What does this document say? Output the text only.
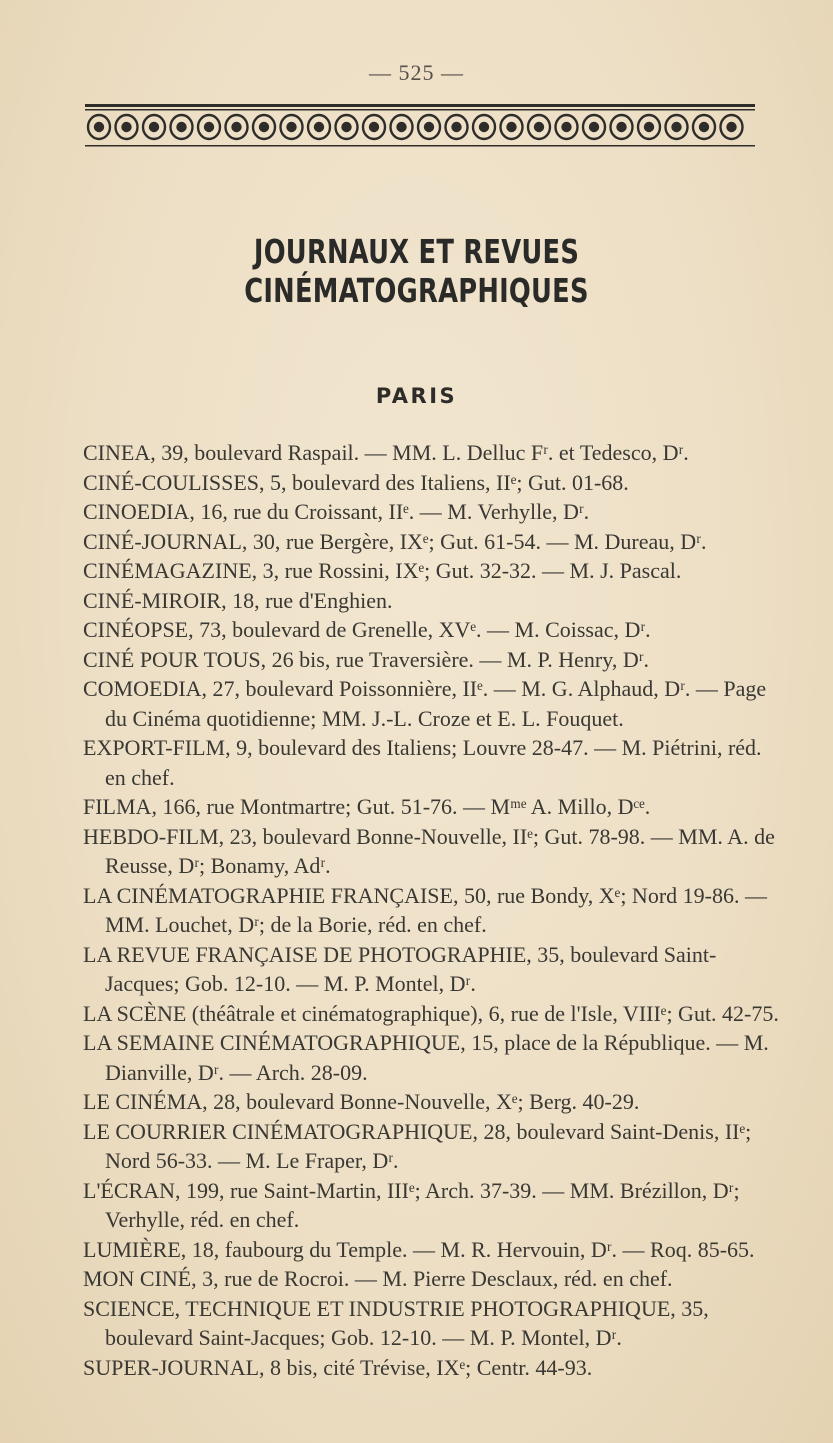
— 525 —
JOURNAUX ET REVUES CINÉMATOGRAPHIQUES
PARIS
CINEA, 39, boulevard Raspail. — MM. L. Delluc Fʳ. et Tedesco, Dʳ.
CINÉ-COULISSES, 5, boulevard des Italiens, IIᵉ; Gut. 01-68.
CINOEDIA, 16, rue du Croissant, IIᵉ. — M. Verhylle, Dʳ.
CINÉ-JOURNAL, 30, rue Bergère, IXᵉ; Gut. 61-54. — M. Dureau, Dʳ.
CINÉMAGAZINE, 3, rue Rossini, IXᵉ; Gut. 32-32. — M. J. Pascal.
CINÉ-MIROIR, 18, rue d'Enghien.
CINÉOPSE, 73, boulevard de Grenelle, XVᵉ. — M. Coissac, Dʳ.
CINÉ POUR TOUS, 26 bis, rue Traversière. — M. P. Henry, Dʳ.
COMOEDIA, 27, boulevard Poissonnière, IIᵉ. — M. G. Alphaud, Dʳ. — Page du Cinéma quotidienne; MM. J.-L. Croze et E. L. Fouquet.
EXPORT-FILM, 9, boulevard des Italiens; Louvre 28-47. — M. Piétrini, réd. en chef.
FILMA, 166, rue Montmartre; Gut. 51-76. — Mᵐᵉ A. Millo, Dᶜᵉ.
HEBDO-FILM, 23, boulevard Bonne-Nouvelle, IIᵉ; Gut. 78-98. — MM. A. de Reusse, Dʳ; Bonamy, Adʳ.
LA CINÉMATOGRAPHIE FRANÇAISE, 50, rue Bondy, Xᵉ; Nord 19-86. — MM. Louchet, Dʳ; de la Borie, réd. en chef.
LA REVUE FRANÇAISE DE PHOTOGRAPHIE, 35, boulevard Saint-Jacques; Gob. 12-10. — M. P. Montel, Dʳ.
LA SCÈNE (théâtrale et cinématographique), 6, rue de l'Isle, VIIIᵉ; Gut. 42-75.
LA SEMAINE CINÉMATOGRAPHIQUE, 15, place de la République. — M. Dianville, Dʳ. — Arch. 28-09.
LE CINÉMA, 28, boulevard Bonne-Nouvelle, Xᵉ; Berg. 40-29.
LE COURRIER CINÉMATOGRAPHIQUE, 28, boulevard Saint-Denis, IIᵉ; Nord 56-33. — M. Le Fraper, Dʳ.
L'ÉCRAN, 199, rue Saint-Martin, IIIᵉ; Arch. 37-39. — MM. Brézillon, Dʳ; Verhylle, réd. en chef.
LUMIÈRE, 18, faubourg du Temple. — M. R. Hervouin, Dʳ. — Roq. 85-65.
MON CINÉ, 3, rue de Rocroi. — M. Pierre Desclaux, réd. en chef.
SCIENCE, TECHNIQUE ET INDUSTRIE PHOTOGRAPHIQUE, 35, boulevard Saint-Jacques; Gob. 12-10. — M. P. Montel, Dʳ.
SUPER-JOURNAL, 8 bis, cité Trévise, IXᵉ; Centr. 44-93.
